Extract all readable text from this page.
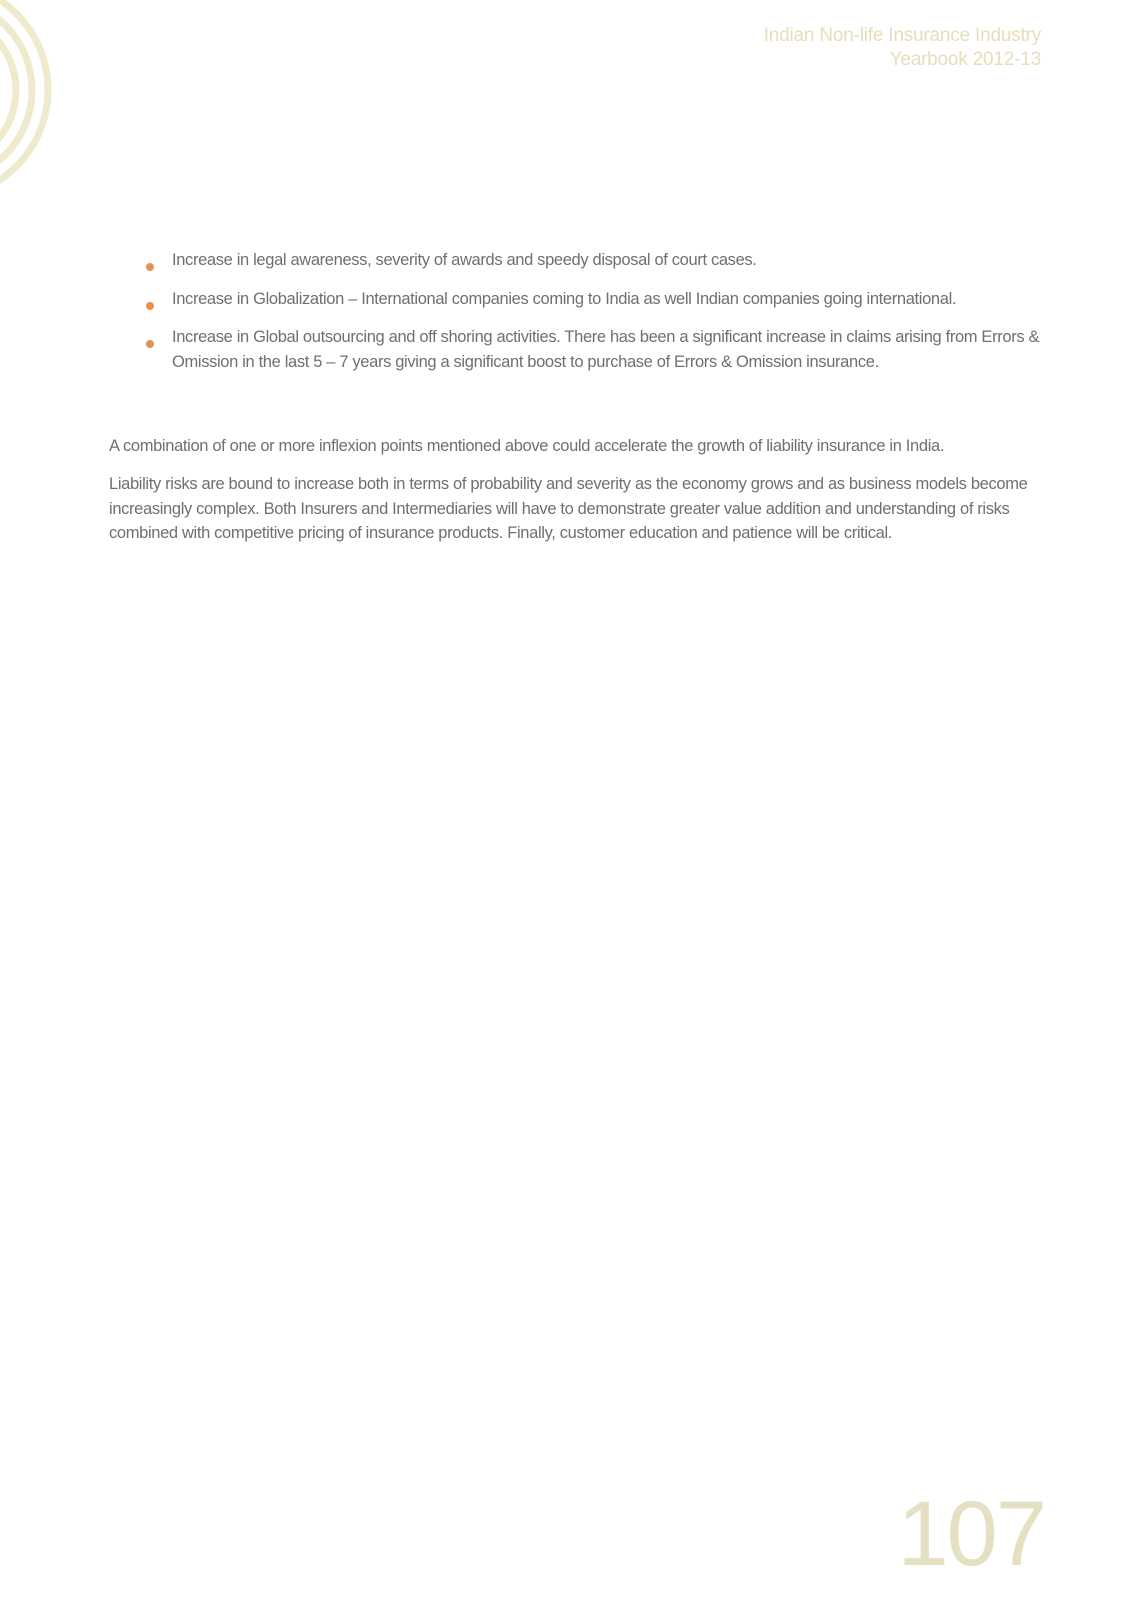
Indian Non-life Insurance Industry
Yearbook 2012-13
Increase in legal awareness, severity of awards and speedy disposal of court cases.
Increase in Globalization – International companies coming to India as well Indian companies going international.
Increase in Global outsourcing and off shoring activities. There has been a significant increase in claims arising from Errors & Omission in the last 5 – 7 years giving a significant boost to purchase of Errors & Omission insurance.

A combination of one or more inflexion points mentioned above could accelerate the growth of liability insurance in India.

Liability risks are bound to increase both in terms of probability and severity as the economy grows and as business models become increasingly complex. Both Insurers and Intermediaries will have to demonstrate greater value addition and understanding of risks combined with competitive pricing of insurance products. Finally, customer education and patience will be critical.

107
